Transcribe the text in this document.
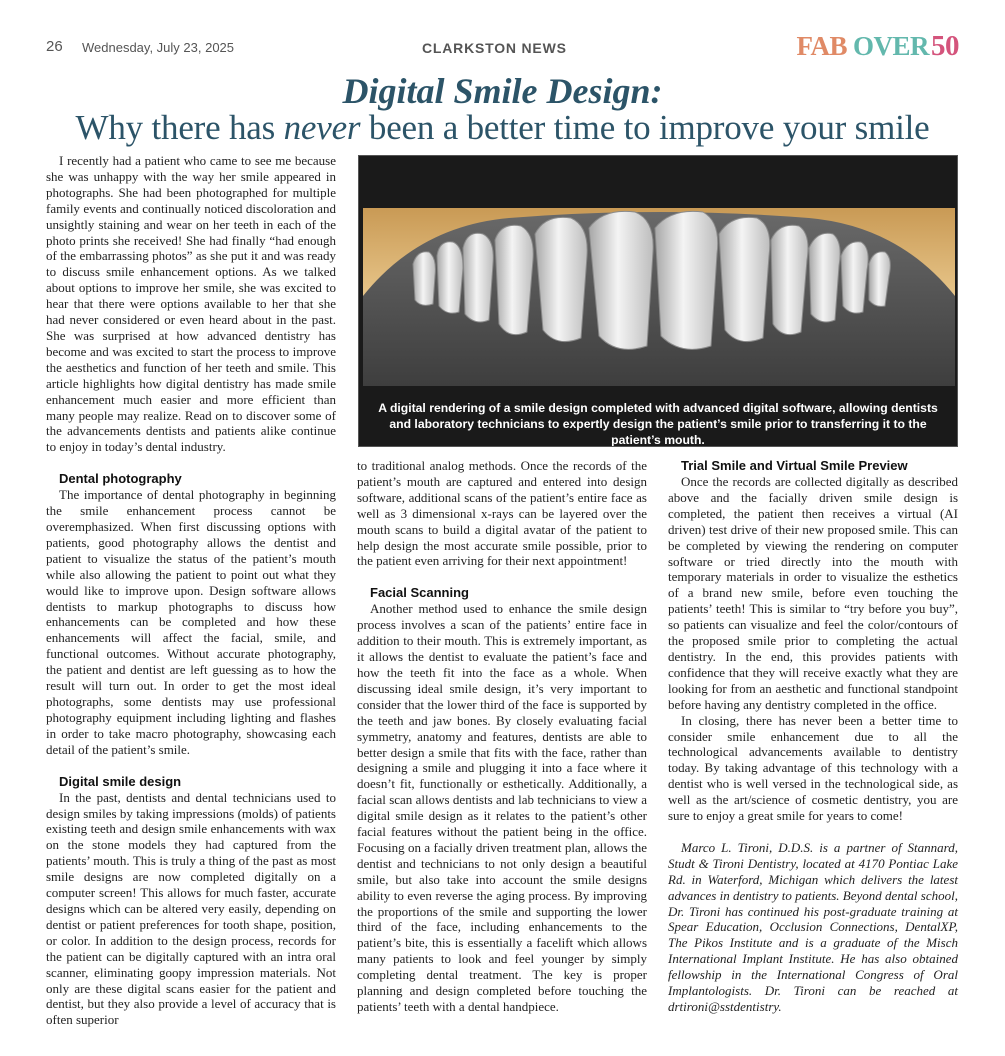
26 Wednesday, July 23, 2025	CLARKSTON NEWS	FAB OVER50
Digital Smile Design:
Why there has never been a better time to improve your smile

I recently had a patient who came to see me because she was unhappy with the way her smile appeared in photographs. She had been photographed for multiple family events and continually noticed discoloration and unsightly staining and wear on her teeth in each of the photo prints she received! She had finally “had enough of the embarrassing photos” as she put it and was ready to discuss smile enhancement options. As we talked about options to improve her smile, she was excited to hear that there were options available to her that she had never considered or even heard about in the past. She was surprised at how advanced dentistry has become and was excited to start the process to improve the aesthetics and function of her teeth and smile. This article highlights how digital dentistry has made smile enhancement much easier and more efficient than many people may realize. Read on to discover some of the advancements dentists and patients alike continue to enjoy in today’s dental industry.

Dental photography

The importance of dental photography in beginning the smile enhancement process cannot be overemphasized. When first discussing options with patients, good photography allows the dentist and patient to visualize the status of the patient’s mouth while also allowing the patient to point out what they would like to improve upon. Design software allows dentists to markup photographs to discuss how enhancements can be completed and how these enhancements will affect the facial, smile, and functional outcomes. Without accurate photography, the patient and dentist are left guessing as to how the result will turn out. In order to get the most ideal photographs, some dentists may use professional photography equipment including lighting and flashes in order to take macro photography, showcasing each detail of the patient’s smile.

Digital smile design

In the past, dentists and dental technicians used to design smiles by taking impressions (molds) of patients existing teeth and design smile enhancements with wax on the stone models they had captured from the patients’ mouth. This is truly a thing of the past as most smile designs are now completed digitally on a computer screen! This allows for much faster, accurate designs which can be altered very easily, depending on dentist or patient preferences for tooth shape, position, or color. In addition to the design process, records for the patient can be digitally captured with an intra oral scanner, eliminating goopy impression materials. Not only are these digital scans easier for the patient and dentist, but they also provide a level of accuracy that is often superior

A digital rendering of a smile design completed with advanced digital software, allowing dentists and laboratory technicians to expertly design the patient’s smile prior to transferring it to the patient’s mouth.

to traditional analog methods. Once the records of the patient’s mouth are captured and entered into design software, additional scans of the patient’s entire face as well as 3 dimensional x-rays can be layered over the mouth scans to build a digital avatar of the patient to help design the most accurate smile possible, prior to the patient even arriving for their next appointment!

Facial Scanning

Another method used to enhance the smile design process involves a scan of the patients’ entire face in addition to their mouth. This is extremely important, as it allows the dentist to evaluate the patient’s face and how the teeth fit into the face as a whole. When discussing ideal smile design, it’s very important to consider that the lower third of the face is supported by the teeth and jaw bones. By closely evaluating facial symmetry, anatomy and features, dentists are able to better design a smile that fits with the face, rather than designing a smile and plugging it into a face where it doesn’t fit, functionally or esthetically. Additionally, a facial scan allows dentists and lab technicians to view a digital smile design as it relates to the patient’s other facial features without the patient being in the office. Focusing on a facially driven treatment plan, allows the dentist and technicians to not only design a beautiful smile, but also take into account the smile designs ability to even reverse the aging process. By improving the proportions of the smile and supporting the lower third of the face, including enhancements to the patient’s bite, this is essentially a facelift which allows many patients to look and feel younger by simply completing dental treatment. The key is proper planning and design completed before touching the patients’ teeth with a dental handpiece.

Trial Smile and Virtual Smile Preview

Once the records are collected digitally as described above and the facially driven smile design is completed, the patient then receives a virtual (AI driven) test drive of their new proposed smile. This can be completed by viewing the rendering on computer software or tried directly into the mouth with temporary materials in order to visualize the esthetics of a brand new smile, before even touching the patients’ teeth! This is similar to “try before you buy”, so patients can visualize and feel the color/contours of the proposed smile prior to completing the actual dentistry. In the end, this provides patients with confidence that they will receive exactly what they are looking for from an aesthetic and functional standpoint before having any dentistry completed in the office.

In closing, there has never been a better time to consider smile enhancement due to all the technological advancements available to dentistry today. By taking advantage of this technology with a dentist who is well versed in the technological side, as well as the art/science of cosmetic dentistry, you are sure to enjoy a great smile for years to come!

Marco L. Tironi, D.D.S. is a partner of Stannard, Studt & Tironi Dentistry, located at 4170 Pontiac Lake Rd. in Waterford, Michigan which delivers the latest advances in dentistry to patients. Beyond dental school, Dr. Tironi has continued his post-graduate training at Spear Education, Occlusion Connections, DentalXP, The Pikos Institute and is a graduate of the Misch International Implant Institute. He has also obtained fellowship in the International Congress of Oral Implantologists. Dr. Tironi can be reached at drtironi@sstdentistry.
